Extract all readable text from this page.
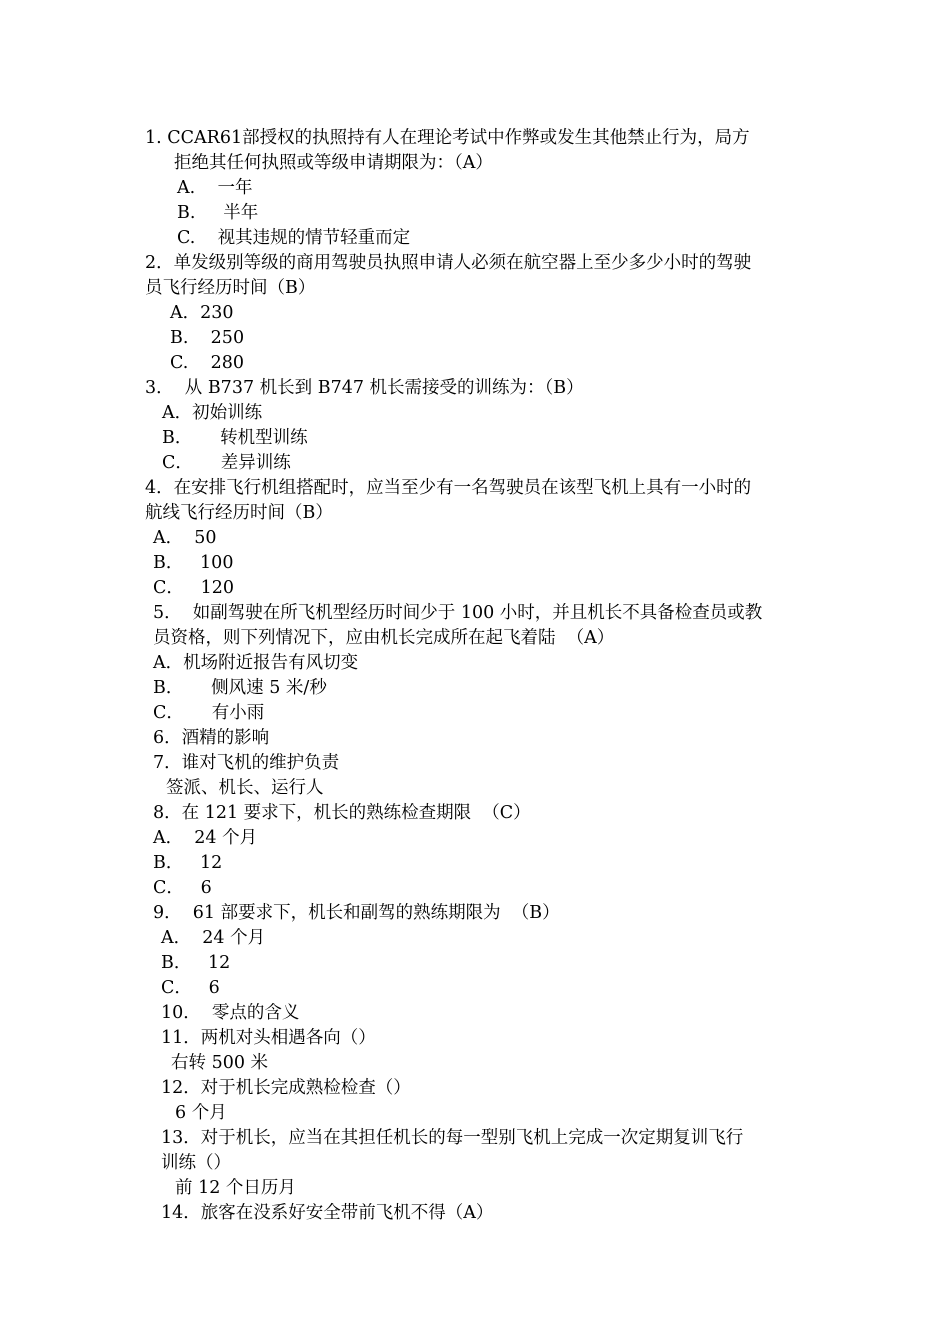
1. CCAR61部授权的执照持有人在理论考试中作弊或发生其他禁止行为，局方
拒绝其任何执照或等级申请期限为：（A）
A.    一年
B.     半年
C.    视其违规的情节轻重而定
2．单发级别等级的商用驾驶员执照申请人必须在航空器上至少多少小时的驾驶
员飞行经历时间（B）
A．230
B.    250
C.    280
3．  从 B737 机长到 B747 机长需接受的训练为：（B）
A．初始训练
B．     转机型训练
C．     差异训练
4．在安排飞行机组搭配时，应当至少有一名驾驶员在该型飞机上具有一小时的
航线飞行经历时间（B）
A．  50
B．   100
C．   120
5．  如副驾驶在所飞机型经历时间少于 100 小时，并且机长不具备检查员或教
员资格，则下列情况下，应由机长完成所在起飞着陆  （A）
A．机场附近报告有风切变
B．     侧风速 5 米/秒
C．     有小雨
6．酒精的影响
7．谁对飞机的维护负责
签派、机长、运行人
8．在 121 要求下，机长的熟练检查期限  （C）
A．  24 个月
B．   12
C．   6
9．  61 部要求下，机长和副驾的熟练期限为  （B）
A．  24 个月
B．   12
C．   6
10．  零点的含义
11．两机对头相遇各向（）
右转 500 米
12．对于机长完成熟检检查（）
6 个月
13．对于机长，应当在其担任机长的每一型别飞机上完成一次定期复训飞行
训练（）
前 12 个日历月
14．旅客在没系好安全带前飞机不得（A）
